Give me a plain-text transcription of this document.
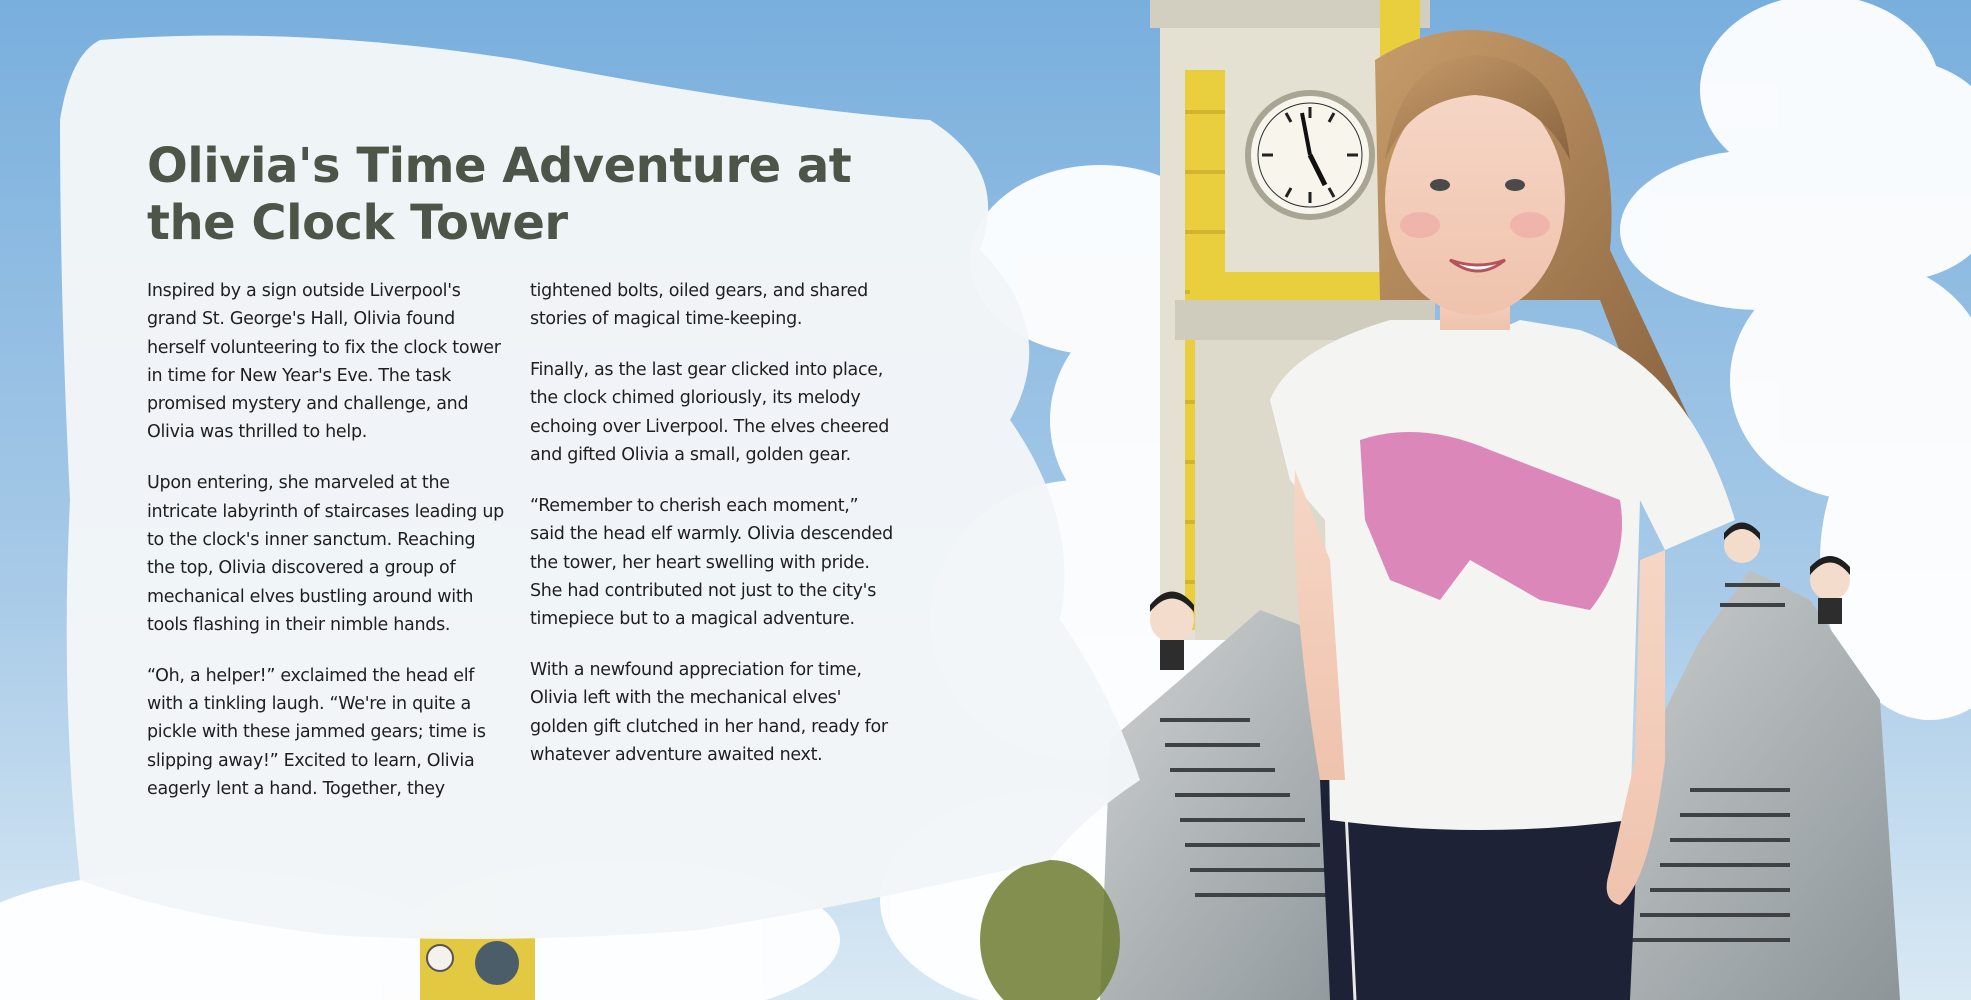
Olivia's Time Adventure at the Clock Tower

Inspired by a sign outside Liverpool's grand St. George's Hall, Olivia found herself volunteering to fix the clock tower in time for New Year's Eve. The task promised mystery and challenge, and Olivia was thrilled to help.

Upon entering, she marveled at the intricate labyrinth of staircases leading up to the clock's inner sanctum. Reaching the top, Olivia discovered a group of mechanical elves bustling around with tools flashing in their nimble hands.

“Oh, a helper!” exclaimed the head elf with a tinkling laugh. “We're in quite a pickle with these jammed gears; time is slipping away!” Excited to learn, Olivia eagerly lent a hand. Together, they

tightened bolts, oiled gears, and shared stories of magical time-keeping.

Finally, as the last gear clicked into place, the clock chimed gloriously, its melody echoing over Liverpool. The elves cheered and gifted Olivia a small, golden gear.

“Remember to cherish each moment,” said the head elf warmly. Olivia descended the tower, her heart swelling with pride. She had contributed not just to the city's timepiece but to a magical adventure.

With a newfound appreciation for time, Olivia left with the mechanical elves' golden gift clutched in her hand, ready for whatever adventure awaited next.
